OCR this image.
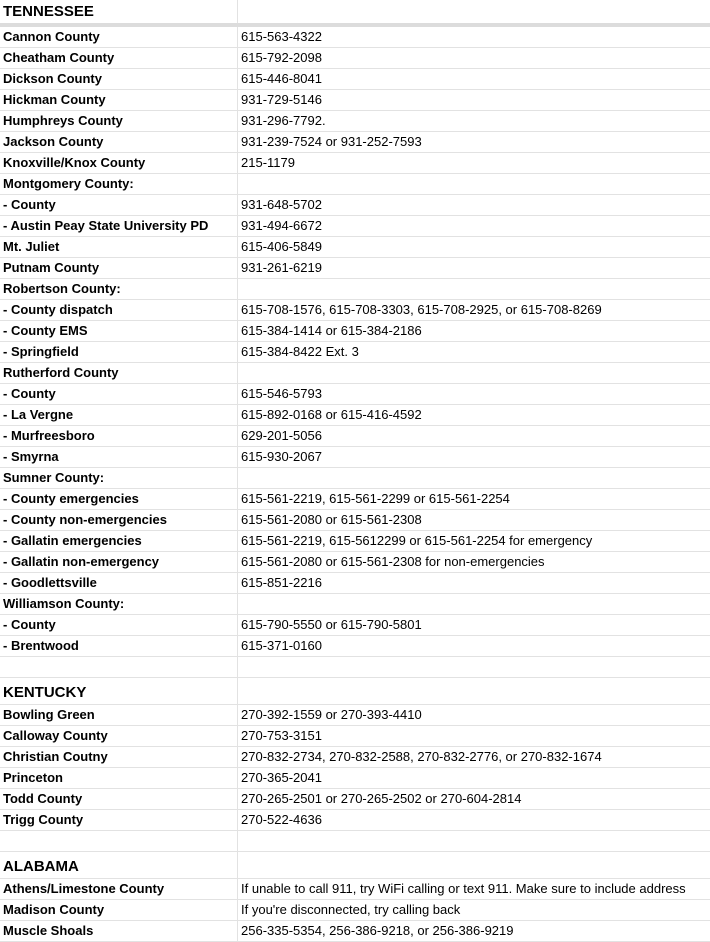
TENNESSEE
Cannon County	615-563-4322
Cheatham County	615-792-2098
Dickson County	615-446-8041
Hickman County	931-729-5146
Humphreys County	931-296-7792.
Jackson County	931-239-7524 or 931-252-7593
Knoxville/Knox County	215-1179
Montgomery County:
- County	931-648-5702
- Austin Peay State University PD	931-494-6672
Mt. Juliet	615-406-5849
Putnam County	931-261-6219
Robertson County:
- County dispatch	615-708-1576, 615-708-3303, 615-708-2925, or 615-708-8269
- County EMS	615-384-1414 or 615-384-2186
- Springfield	615-384-8422 Ext. 3
Rutherford County
- County	615-546-5793
- La Vergne	615-892-0168 or 615-416-4592
- Murfreesboro	629-201-5056
- Smyrna	615-930-2067
Sumner County:
- County emergencies	615-561-2219, 615-561-2299 or 615-561-2254
- County non-emergencies	615-561-2080 or 615-561-2308
- Gallatin emergencies	615-561-2219, 615-5612299 or 615-561-2254 for emergency
- Gallatin non-emergency	615-561-2080 or 615-561-2308 for non-emergencies
- Goodlettsville	615-851-2216
Williamson County:
- County	615-790-5550 or 615-790-5801
- Brentwood	615-371-0160
KENTUCKY
Bowling Green	270-392-1559 or 270-393-4410
Calloway County	270-753-3151
Christian Coutny	270-832-2734, 270-832-2588, 270-832-2776, or 270-832-1674
Princeton	270-365-2041
Todd County	270-265-2501 or 270-265-2502 or 270-604-2814
Trigg County	270-522-4636
ALABAMA
Athens/Limestone County	If unable to call 911, try WiFi calling or text 911. Make sure to include address
Madison County	If you're disconnected, try calling back
Muscle Shoals	256-335-5354, 256-386-9218, or 256-386-9219
